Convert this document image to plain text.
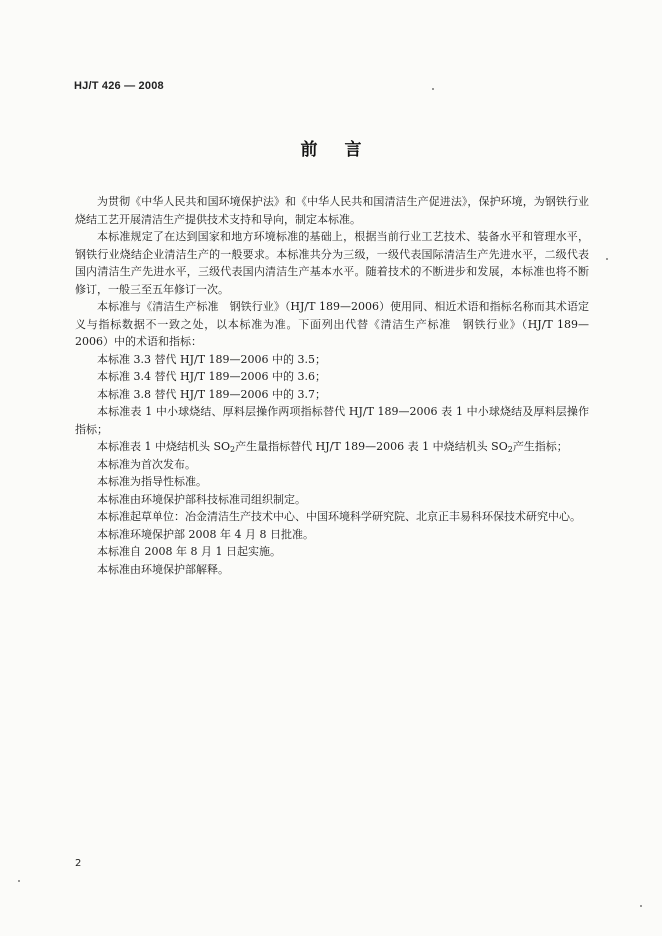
HJ/T 426 — 2008
前言

为贯彻《中华人民共和国环境保护法》和《中华人民共和国清洁生产促进法》，保护环境，为钢铁行业烧结工艺开展清洁生产提供技术支持和导向，制定本标准。

本标准规定了在达到国家和地方环境标准的基础上，根据当前行业工艺技术、装备水平和管理水平，钢铁行业烧结企业清洁生产的一般要求。本标准共分为三级，一级代表国际清洁生产先进水平，二级代表国内清洁生产先进水平，三级代表国内清洁生产基本水平。随着技术的不断进步和发展，本标准也将不断修订，一般三至五年修订一次。

本标准与《清洁生产标准　钢铁行业》（HJ/T 189—2006）使用同、相近术语和指标名称而其术语定义与指标数据不一致之处，以本标准为准。下面列出代替《清洁生产标准　钢铁行业》（HJ/T 189—2006）中的术语和指标：

本标准 3.3 替代 HJ/T 189—2006 中的 3.5；

本标准 3.4 替代 HJ/T 189—2006 中的 3.6；

本标准 3.8 替代 HJ/T 189—2006 中的 3.7；

本标准表 1 中小球烧结、厚料层操作两项指标替代 HJ/T 189—2006 表 1 中小球烧结及厚料层操作指标；

本标准表 1 中烧结机头 $SO_2$产生量指标替代 HJ/T 189—2006 表 1 中烧结机头 $SO_2$产生指标；

本标准为首次发布。

本标准为指导性标准。

本标准由环境保护部科技标准司组织制定。

本标准起草单位：冶金清洁生产技术中心、中国环境科学研究院、北京正丰易科环保技术研究中心。

本标准环境保护部 2008 年 4 月 8 日批准。

本标准自 2008 年 8 月 1 日起实施。

本标准由环境保护部解释。

2
